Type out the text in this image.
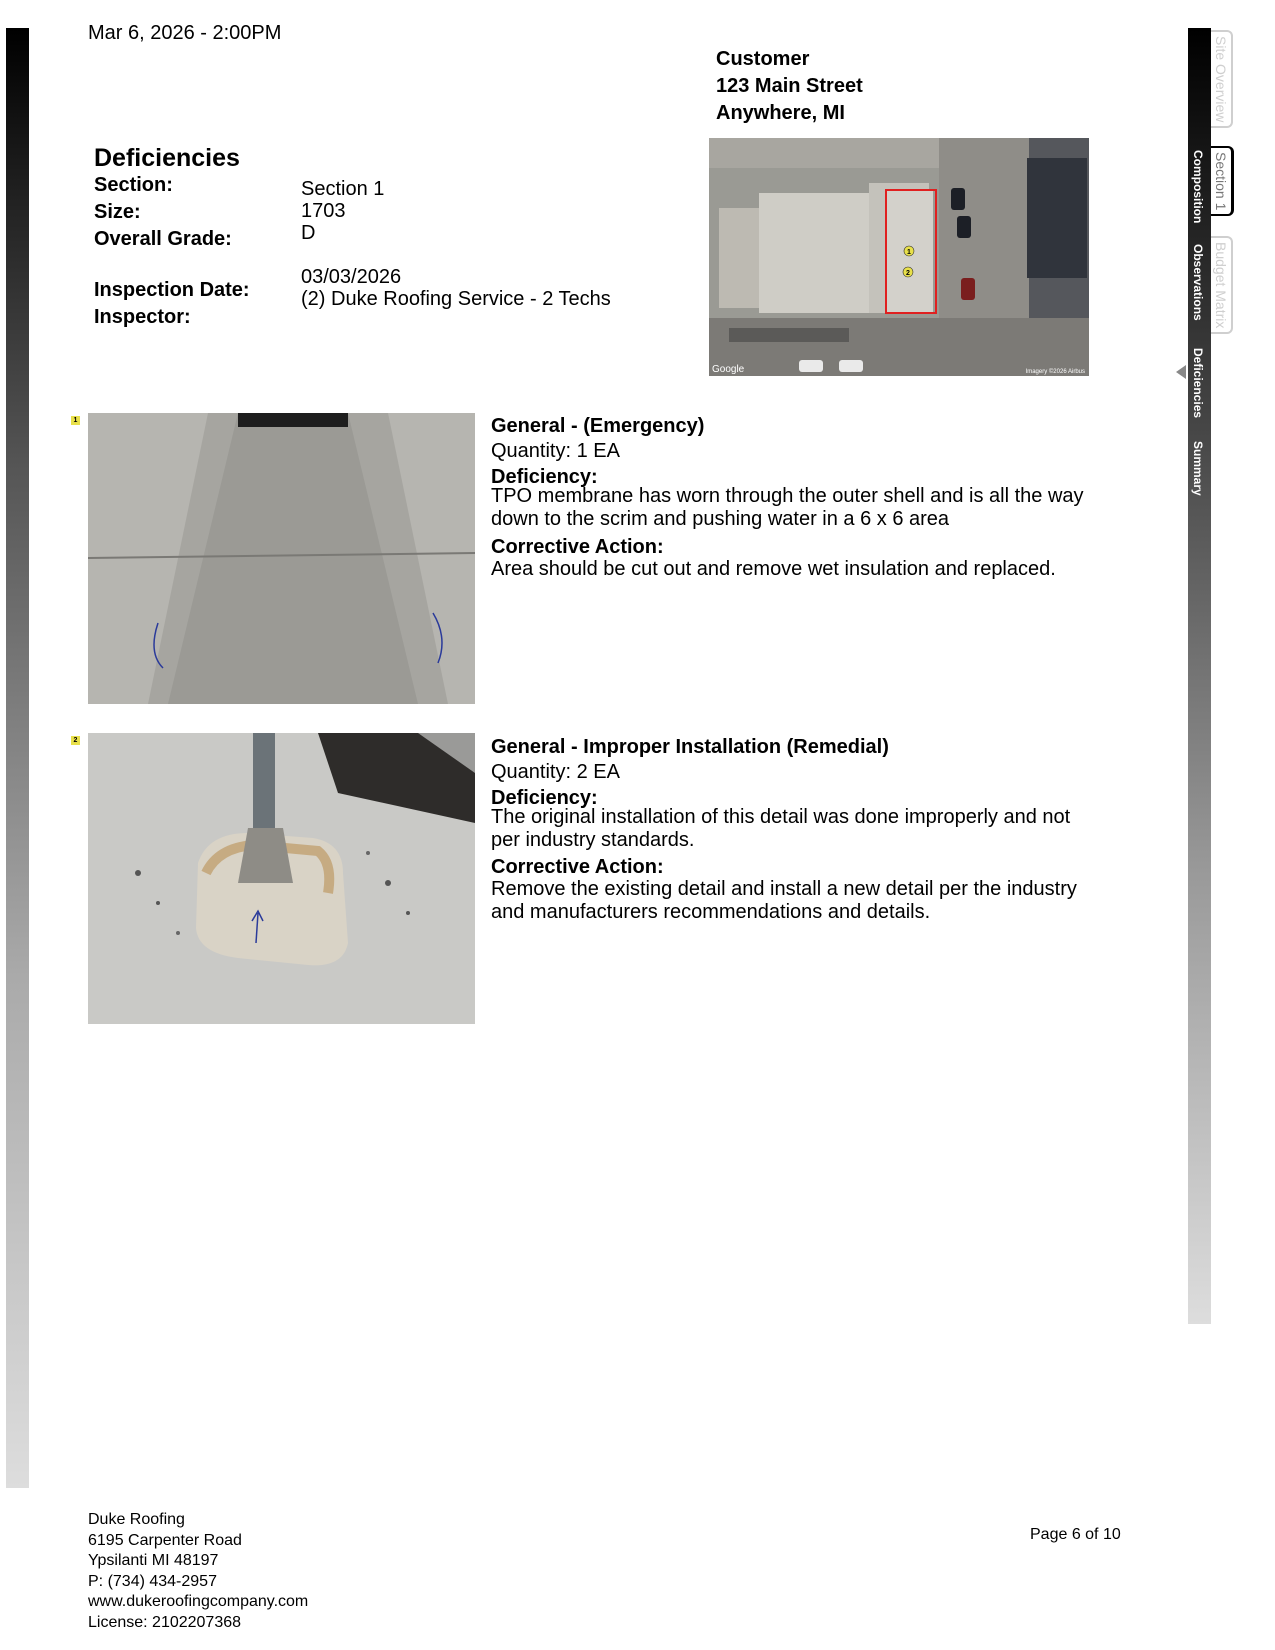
Composition
Observations
Deficiencies
Summary
Site Overview
Section 1
Budget Matrix
Mar 6, 2026 - 2:00PM
Customer
123 Main Street
Anywhere, MI
Deficiencies
Section:	Section 1
Size:	1703
Overall Grade:	D
Inspection Date:
03/03/2026
Inspector:
(2) Duke Roofing Service - 2 Techs
1
2
Google	Imagery ©2026 Airbus
1	General - (Emergency)
Quantity: 1 EA
Deficiency:
TPO membrane has worn through the outer shell and is all the way
down to the scrim and pushing water in a 6 x 6 area
Corrective Action:
Area should be cut out and remove wet insulation and replaced.
2	General - Improper Installation (Remedial)
Quantity: 2 EA
Deficiency:
The original installation of this detail was done improperly and not
per industry standards.
Corrective Action:
Remove the existing detail and install a new detail per the industry
and manufacturers recommendations and details.
Duke Roofing
6195 Carpenter Road
Ypsilanti MI 48197
P: (734) 434-2957
www.dukeroofingcompany.com
License: 2102207368
Page 6 of 10
